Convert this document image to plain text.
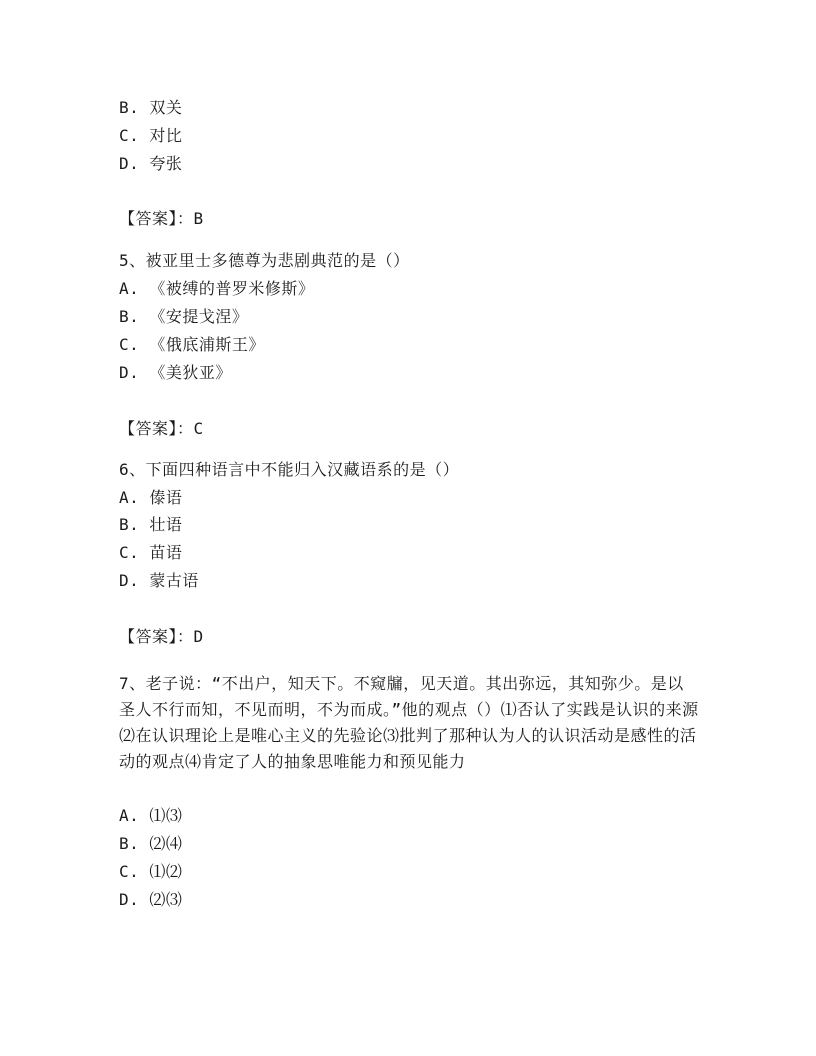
B. 双关
C. 对比
D. 夸张
【答案】：B
5、被亚里士多德尊为悲剧典范的是（）
A. 《被缚的普罗米修斯》
B. 《安提戈涅》
C. 《俄底浦斯王》
D. 《美狄亚》
【答案】：C
6、下面四种语言中不能归入汉藏语系的是（）
A. 傣语
B. 壮语
C. 苗语
D. 蒙古语
【答案】：D
7、老子说：“不出户，知天下。不窥牖，见天道。其出弥远，其知弥少。是以圣人不行而知，不见而明，不为而成。”他的观点（）⑴否认了实践是认识的来源⑵在认识理论上是唯心主义的先验论⑶批判了那种认为人的认识活动是感性的活动的观点⑷肯定了人的抽象思唯能力和预见能力
A. ⑴⑶
B. ⑵⑷
C. ⑴⑵
D. ⑵⑶
